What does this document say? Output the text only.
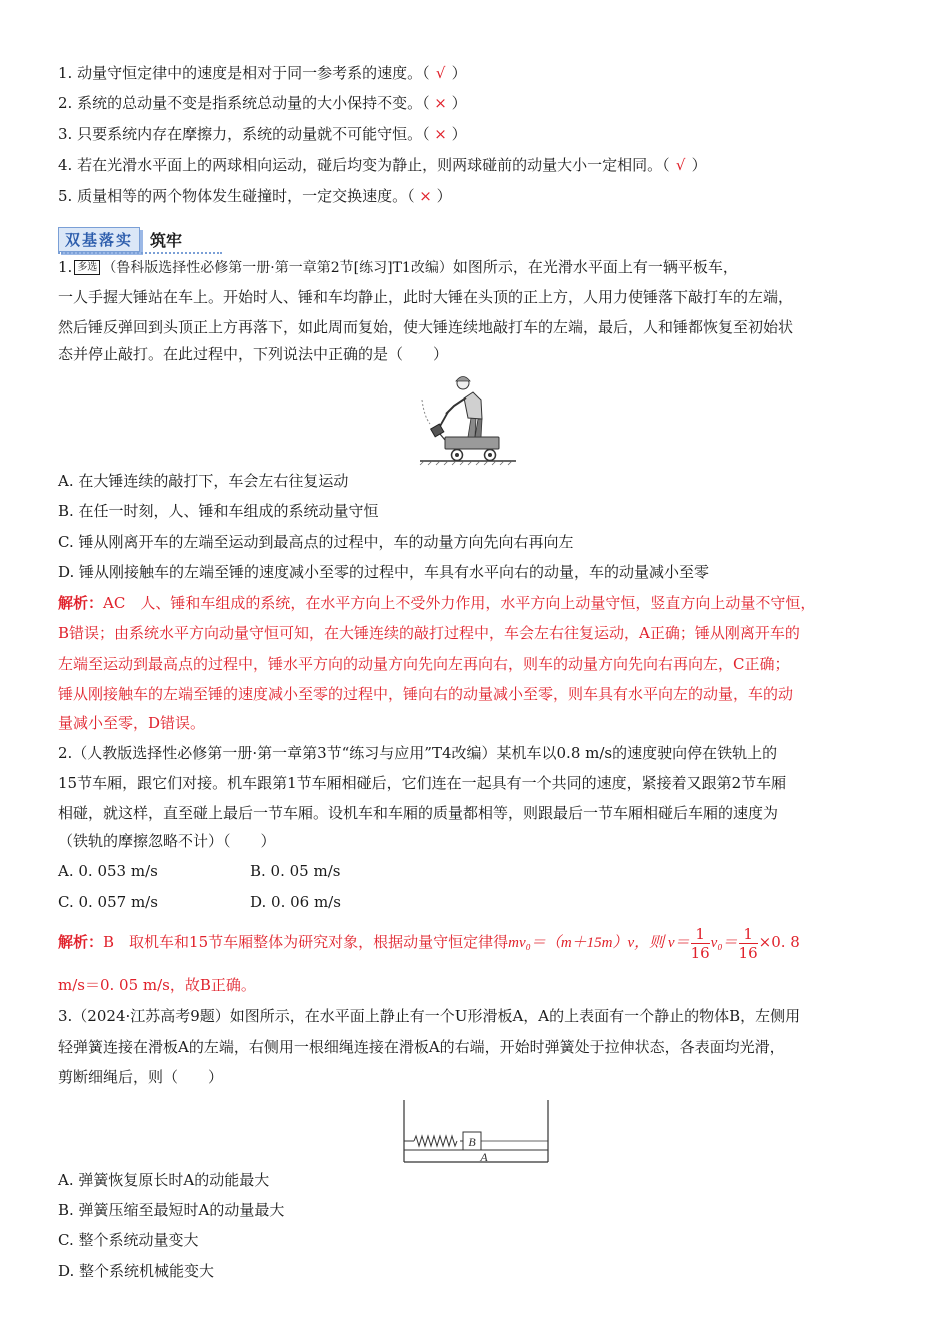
1. 动量守恒定律中的速度是相对于同一参考系的速度。（ √ ）
2. 系统的总动量不变是指系统总动量的大小保持不变。（ × ）
3. 只要系统内存在摩擦力，系统的动量就不可能守恒。（ × ）
4. 若在光滑水平面上的两球相向运动，碰后均变为静止，则两球碰前的动量大小一定相同。（ √ ）
5. 质量相等的两个物体发生碰撞时，一定交换速度。（ × ）
双基落实	筑牢
1. 多选 （鲁科版选择性必修第一册·第一章第2节[练习]T1改编）如图所示，在光滑水平面上有一辆平板车，
一人手握大锤站在车上。开始时人、锤和车均静止，此时大锤在头顶的正上方，人用力使锤落下敲打车的左端，
然后锤反弹回到头顶正上方再落下，如此周而复始，使大锤连续地敲打车的左端，最后，人和锤都恢复至初始状
态并停止敲打。在此过程中，下列说法中正确的是（　　）
A. 在大锤连续的敲打下，车会左右往复运动
B. 在任一时刻，人、锤和车组成的系统动量守恒
C. 锤从刚离开车的左端至运动到最高点的过程中，车的动量方向先向右再向左
D. 锤从刚接触车的左端至锤的速度减小至零的过程中，车具有水平向右的动量，车的动量减小至零
解析：AC　人、锤和车组成的系统，在水平方向上不受外力作用，水平方向上动量守恒，竖直方向上动量不守恒，
B错误；由系统水平方向动量守恒可知，在大锤连续的敲打过程中，车会左右往复运动，A正确；锤从刚离开车的
左端至运动到最高点的过程中，锤水平方向的动量方向先向左再向右，则车的动量方向先向右再向左，C正确；
锤从刚接触车的左端至锤的速度减小至零的过程中，锤向右的动量减小至零，则车具有水平向左的动量，车的动
量减小至零，D错误。
2.（人教版选择性必修第一册·第一章第3节“练习与应用”T4改编）某机车以0.8 m/s的速度驶向停在铁轨上的
15节车厢，跟它们对接。机车跟第1节车厢相碰后，它们连在一起具有一个共同的速度，紧接着又跟第2节车厢
相碰，就这样，直至碰上最后一节车厢。设机车和车厢的质量都相等，则跟最后一节车厢相碰后车厢的速度为
（铁轨的摩擦忽略不计）（　　）
A. 0. 053 m/s	B. 0. 05 m/s
C. 0. 057 m/s	D. 0. 06 m/s
解析：B　取机车和15节车厢整体为研究对象，根据动量守恒定律得mv₀＝（m＋15m）v，则 $v= \frac{1}{16} v_0= \frac{1}{16} \times 0$. 8
m/s＝0. 05 m/s，故B正确。
3.（2024·江苏高考9题）如图所示，在水平面上静止有一个U形滑板A，A的上表面有一个静止的物体B，左侧用
轻弹簧连接在滑板A的左端，右侧用一根细绳连接在滑板A的右端，开始时弹簧处于拉伸状态，各表面均光滑，
剪断细绳后，则（　　）
B
A
A. 弹簧恢复原长时A的动能最大
B. 弹簧压缩至最短时A的动量最大
C. 整个系统动量变大
D. 整个系统机械能变大
